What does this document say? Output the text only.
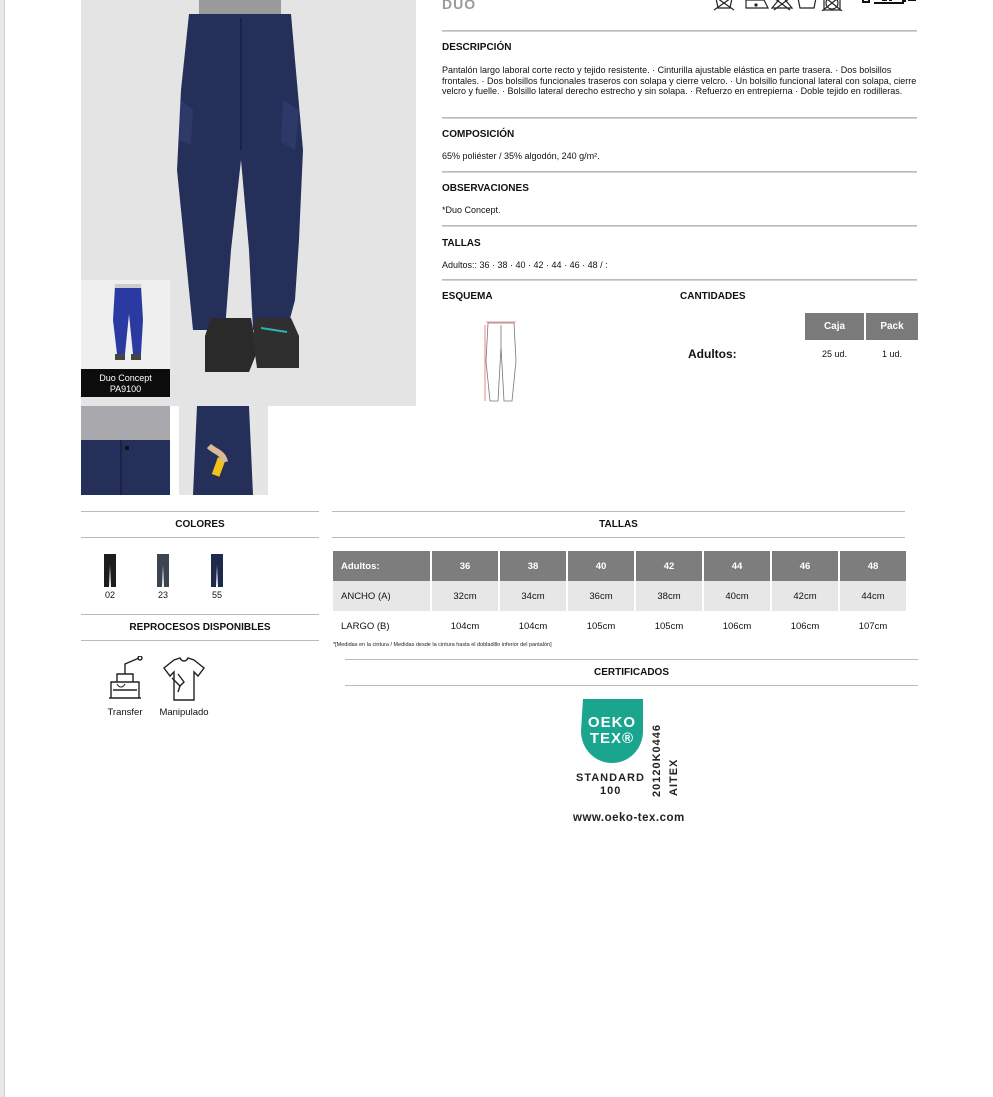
Duo Concept
PA9100
DUO
DESCRIPCIÓN
Pantalón largo laboral corte recto y tejido resistente. · Cinturilla ajustable elástica en parte trasera. · Dos bolsillos frontales. · Dos bolsillos funcionales traseros con solapa y cierre velcro. · Un bolsillo funcional lateral con solapa, cierre velcro y fuelle. · Bolsillo lateral derecho estrecho y sin solapa. · Refuerzo en entrepierna · Doble tejido en rodilleras.
COMPOSICIÓN
65% poliéster / 35% algodón, 240 g/m².
OBSERVACIONES
*Duo Concept.
TALLAS
Adultos:: 36 · 38 · 40 · 42 · 44 · 46 · 48 / :
ESQUEMA	CANTIDADES
Adultos:
Caja	Pack
25 ud.	1 ud.
COLORES
02	23	55
REPROCESOS DISPONIBLES
Transfer	Manipulado
TALLAS
Adultos:	36	38	40	42	44	46	48
ANCHO (A)	32cm	34cm	36cm	38cm	40cm	42cm	44cm
LARGO (B)	104cm	104cm	105cm	105cm	106cm	106cm	107cm
*[Medidas en la cintura / Medidas desde la cintura hasta el dobladillo inferior del pantalón]
CERTIFICADOS
OEKO
TEX®
STANDARD
100	20120K0446 AITEX
www.oeko-tex.com
